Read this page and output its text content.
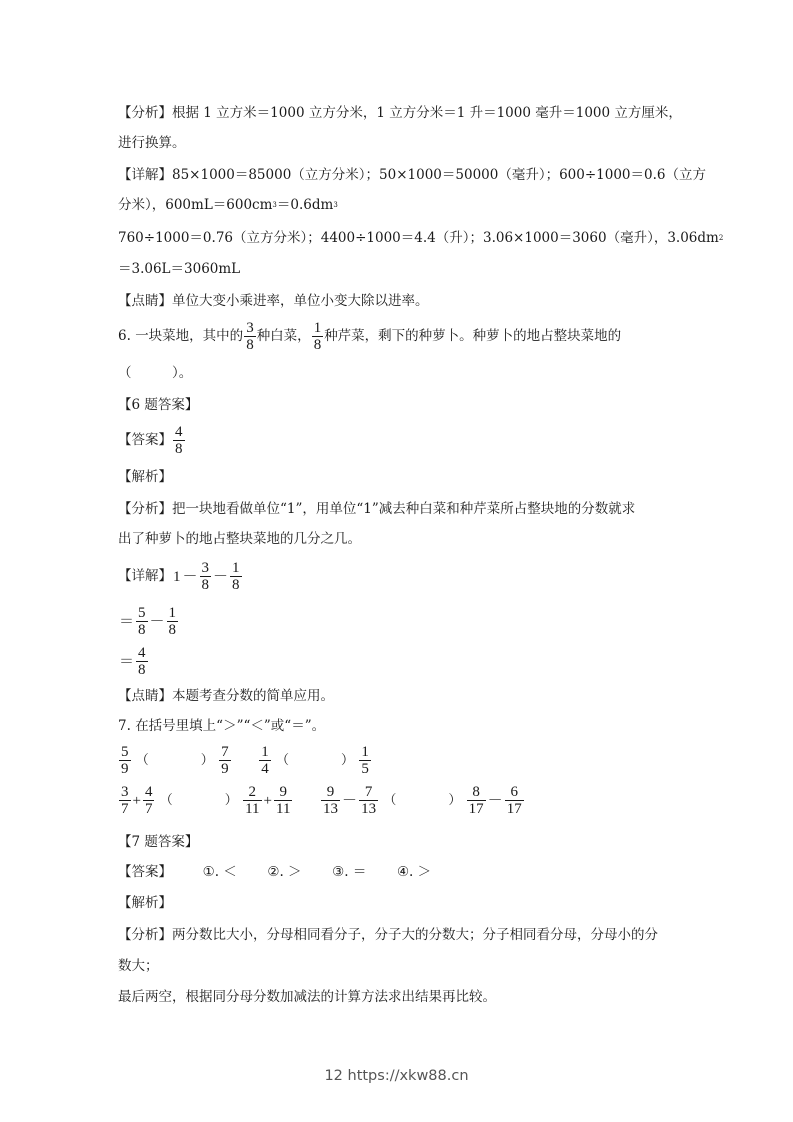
【分析】根据 1 立方米＝1000 立方分米，1 立方分米＝1 升＝1000 毫升＝1000 立方厘米，
进行换算。
【详解】85×1000＝85000（立方分米）；50×1000＝50000（毫升）；600÷1000＝0.6（立方
分米），$600mL=600cm^3=0.6dm^3$
760÷1000＝0.76（立方分米）；4400÷1000＝4.4（升）；3.06×1000＝3060（毫升），$3.06dm^2$
＝3.06L＝3060mL
【点睛】单位大变小乘进率，单位小变大除以进率。
6. 一块菜地，其中的 $\frac{3}{8}$ 种白菜， $\frac{1}{8}$ 种芹菜，剩下的种萝卜。种萝卜的地占整块菜地的
（　　　）。
【6 题答案】
【答案】 $\frac{4}{8}$
【解析】
【分析】把一块地看做单位“1”，用单位“1”减去种白菜和种芹菜所占整块地的分数就求
出了种萝卜的地占整块菜地的几分之几。
【详解】$1 - \frac{3}{8} - \frac{1}{8}$
＝ $\frac{5}{8} - \frac{1}{8}$
＝ $\frac{4}{8}$
【点睛】本题考查分数的简单应用。
7. 在括号里填上“＞”“＜”或“＝”。
$\frac{5}{9}$ （　　　　） $\frac{7}{9}$
$\frac{1}{4}$ （　　　　） $\frac{1}{5}$
$\frac{3}{7} + \frac{4}{7}$ （　　　　） $\frac{2}{11} + \frac{9}{11}$
$\frac{9}{13} - \frac{7}{13}$ （　　　　） $\frac{8}{17} - \frac{6}{17}$
【7 题答案】
【答案】 ①. ＜ ②. ＞ ③. ＝ ④. ＞
【解析】
【分析】两分数比大小，分母相同看分子，分子大的分数大；分子相同看分母，分母小的分
数大；
最后两空，根据同分母分数加减法的计算方法求出结果再比较。
12 https://xkw88.cn
